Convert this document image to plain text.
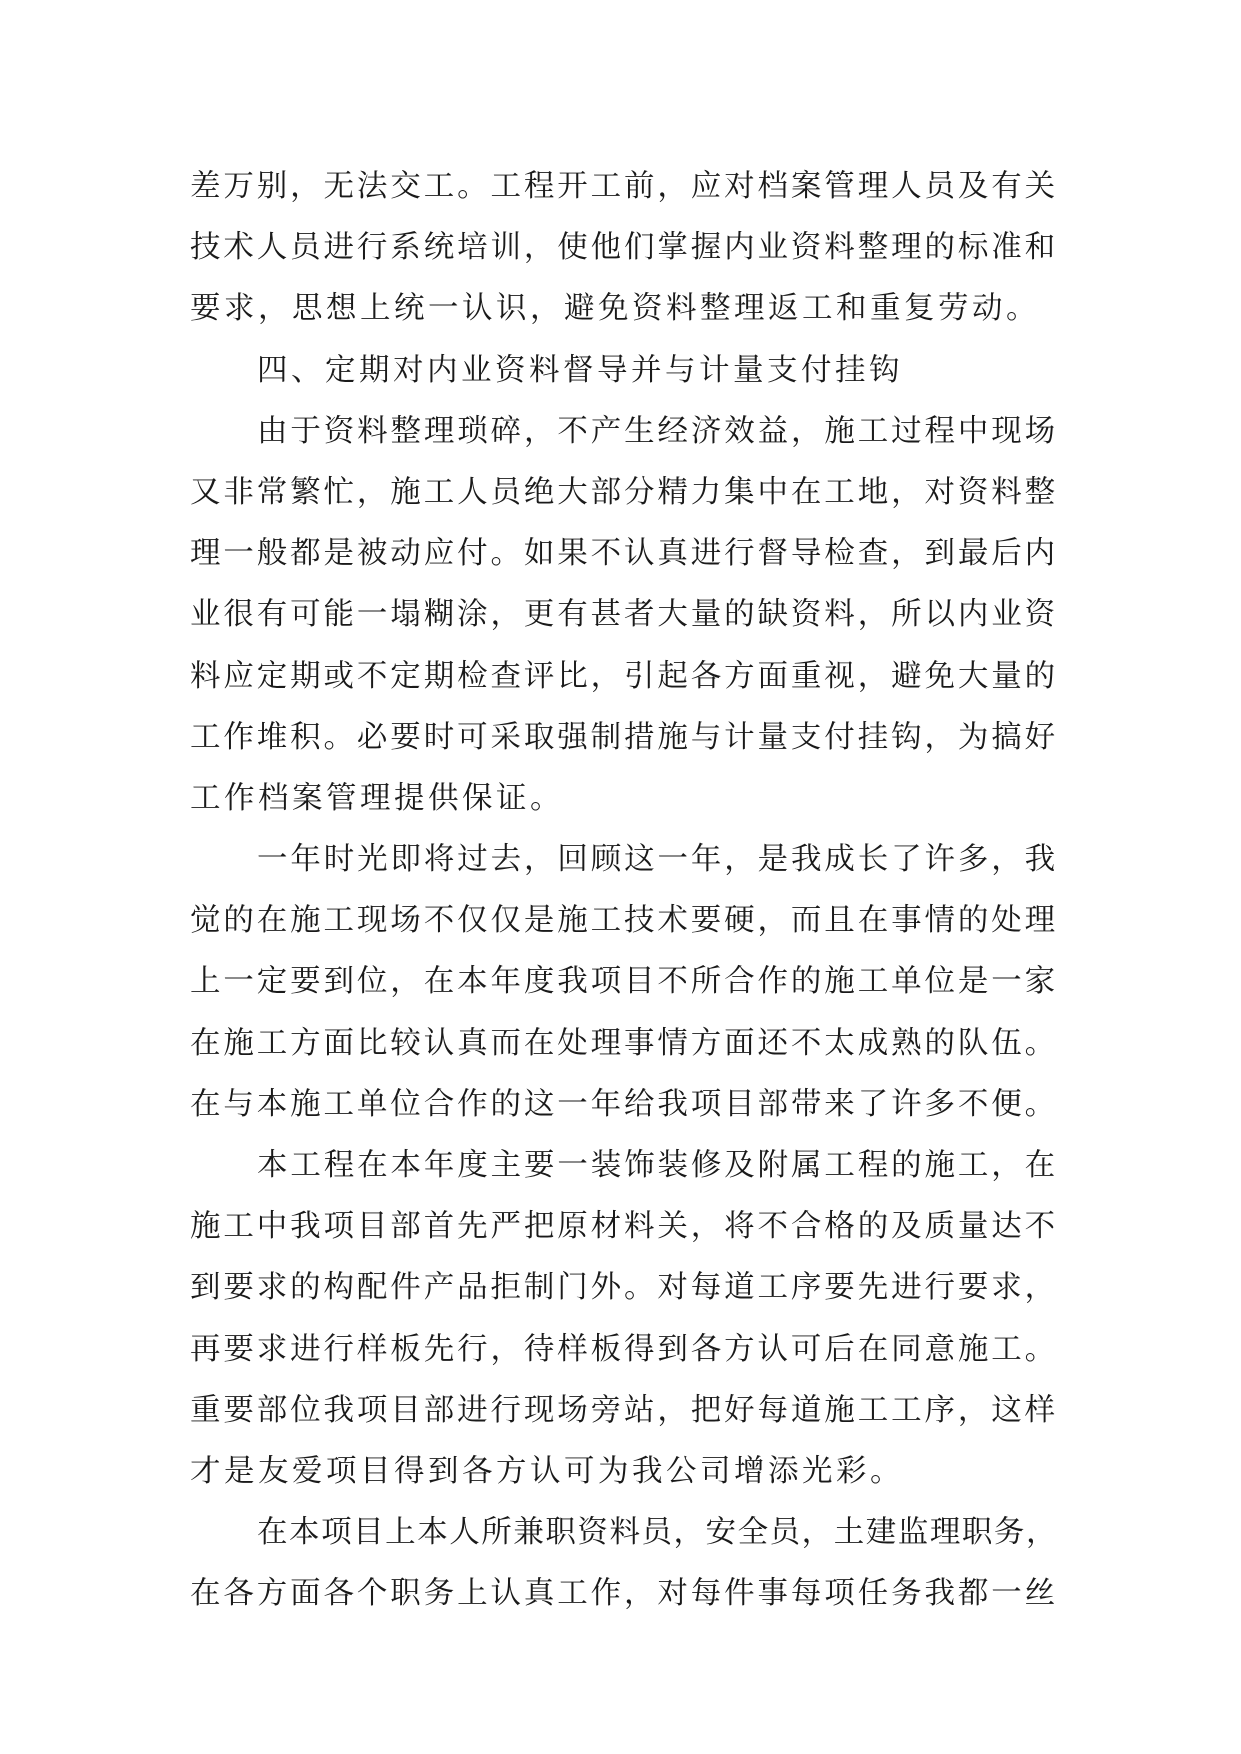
差万别，无法交工。工程开工前，应对档案管理人员及有关
技术人员进行系统培训，使他们掌握内业资料整理的标准和
要求，思想上统一认识，避免资料整理返工和重复劳动。
四、定期对内业资料督导并与计量支付挂钩
由于资料整理琐碎，不产生经济效益，施工过程中现场
又非常繁忙，施工人员绝大部分精力集中在工地，对资料整
理一般都是被动应付。如果不认真进行督导检查，到最后内
业很有可能一塌糊涂，更有甚者大量的缺资料，所以内业资
料应定期或不定期检查评比，引起各方面重视，避免大量的
工作堆积。必要时可采取强制措施与计量支付挂钩，为搞好
工作档案管理提供保证。
一年时光即将过去，回顾这一年，是我成长了许多，我
觉的在施工现场不仅仅是施工技术要硬，而且在事情的处理
上一定要到位，在本年度我项目不所合作的施工单位是一家
在施工方面比较认真而在处理事情方面还不太成熟的队伍。
在与本施工单位合作的这一年给我项目部带来了许多不便。
本工程在本年度主要一装饰装修及附属工程的施工，在
施工中我项目部首先严把原材料关，将不合格的及质量达不
到要求的构配件产品拒制门外。对每道工序要先进行要求，
再要求进行样板先行，待样板得到各方认可后在同意施工。
重要部位我项目部进行现场旁站，把好每道施工工序，这样
才是友爱项目得到各方认可为我公司增添光彩。
在本项目上本人所兼职资料员，安全员，土建监理职务，
在各方面各个职务上认真工作，对每件事每项任务我都一丝
